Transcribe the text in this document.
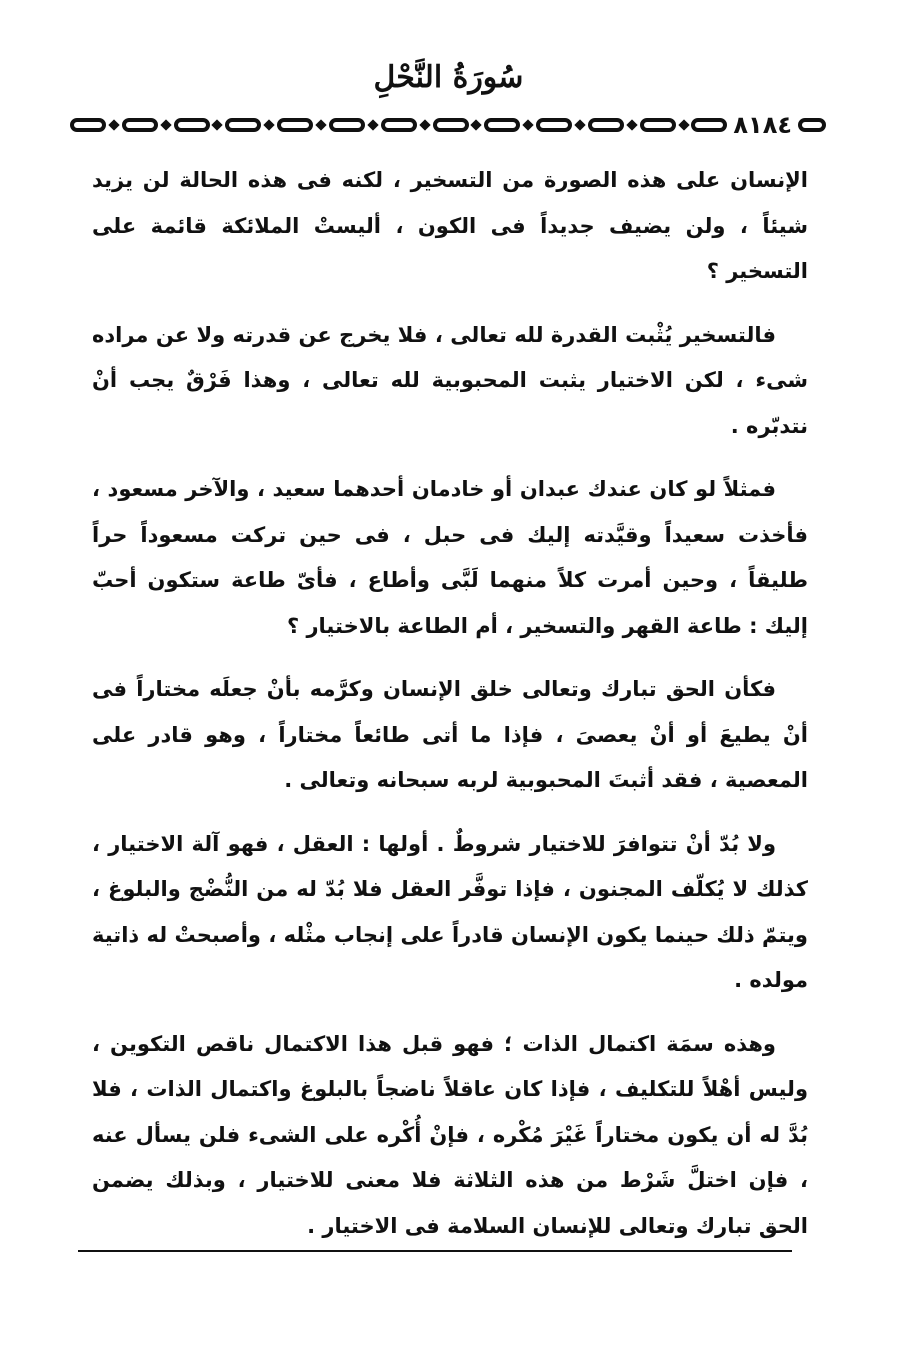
سُورَةُ النَّحْلِ
٨١٨٤

الإنسان على هذه الصورة من التسخير ، لكنه فى هذه الحالة لن يزيد شيئاً ، ولن يضيف جديداً فى الكون ، أليستْ الملائكة قائمة على التسخير ؟

فالتسخير يُثْبت القدرة لله تعالى ، فلا يخرج عن قدرته ولا عن مراده شىء ، لكن الاختيار يثبت المحبوبية لله تعالى ، وهذا فَرْقٌ يجب أنْ نتدبّره .

فمثلاً لو كان عندك عبدان أو خادمان أحدهما سعيد ، والآخر مسعود ، فأخذت سعيداً وقيَّدته إليك فى حبل ، فى حين تركت مسعوداً حراً طليقاً ، وحين أمرت كلاً منهما لَبَّى وأطاع ، فأىّ طاعة ستكون أحبّ إليك : طاعة القهر والتسخير ، أم الطاعة بالاختيار ؟

فكأن الحق تبارك وتعالى خلق الإنسان وكرَّمه بأنْ جعلَه مختاراً فى أنْ يطيعَ أو أنْ يعصىَ ، فإذا ما أتى طائعاً مختاراً ، وهو قادر على المعصية ، فقد أثبتَ المحبوبية لربه سبحانه وتعالى .

ولا بُدّ أنْ تتوافرَ للاختيار شروطٌ . أولها : العقل ، فهو آلة الاختيار ، كذلك لا يُكلّف المجنون ، فإذا توفَّر العقل فلا بُدّ له من النُّضْج والبلوغ ، ويتمّ ذلك حينما يكون الإنسان قادراً على إنجاب مثْله ، وأصبحتْ له ذاتية مولده .

وهذه سمَة اكتمال الذات ؛ فهو قبل هذا الاكتمال ناقص التكوين ، وليس أهْلاً للتكليف ، فإذا كان عاقلاً ناضجاً بالبلوغ واكتمال الذات ، فلا بُدَّ له أن يكون مختاراً غَيْرَ مُكْره ، فإنْ أُكْره على الشىء فلن يسأل عنه ، فإن اختلَّ شَرْط من هذه الثلاثة فلا معنى للاختيار ، وبذلك يضمن الحق تبارك وتعالى للإنسان السلامة فى الاختيار .
